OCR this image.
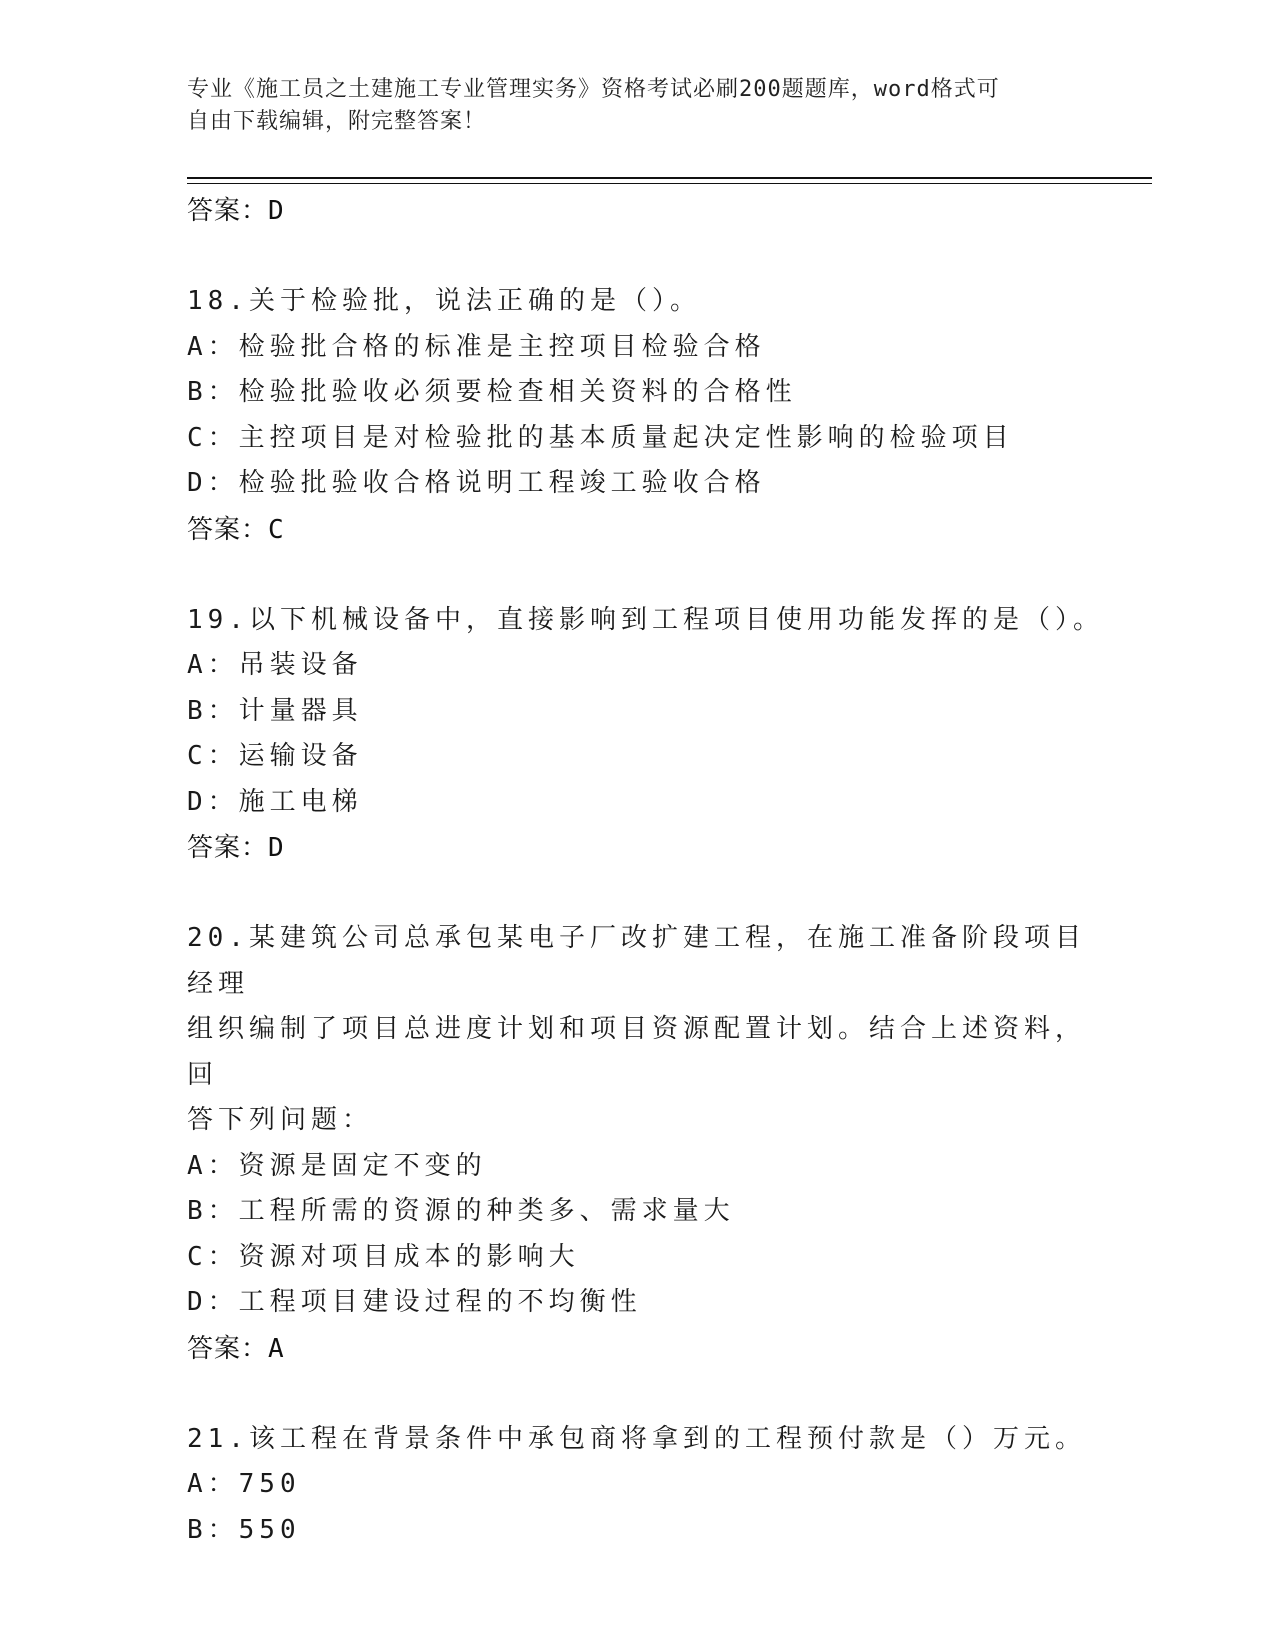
专业《施工员之土建施工专业管理实务》资格考试必刷200题题库，word格式可
自由下载编辑，附完整答案！
答案：D
18.关于检验批，说法正确的是（）。
A：检验批合格的标准是主控项目检验合格
B：检验批验收必须要检查相关资料的合格性
C：主控项目是对检验批的基本质量起决定性影响的检验项目
D：检验批验收合格说明工程竣工验收合格
答案：C
19.以下机械设备中，直接影响到工程项目使用功能发挥的是（）。
A：吊装设备
B：计量器具
C：运输设备
D：施工电梯
答案：D
20.某建筑公司总承包某电子厂改扩建工程，在施工准备阶段项目经理
组织编制了项目总进度计划和项目资源配置计划。结合上述资料，回
答下列问题：
A：资源是固定不变的
B：工程所需的资源的种类多、需求量大
C：资源对项目成本的影响大
D：工程项目建设过程的不均衡性
答案：A
21.该工程在背景条件中承包商将拿到的工程预付款是（）万元。
A：750
B：550
